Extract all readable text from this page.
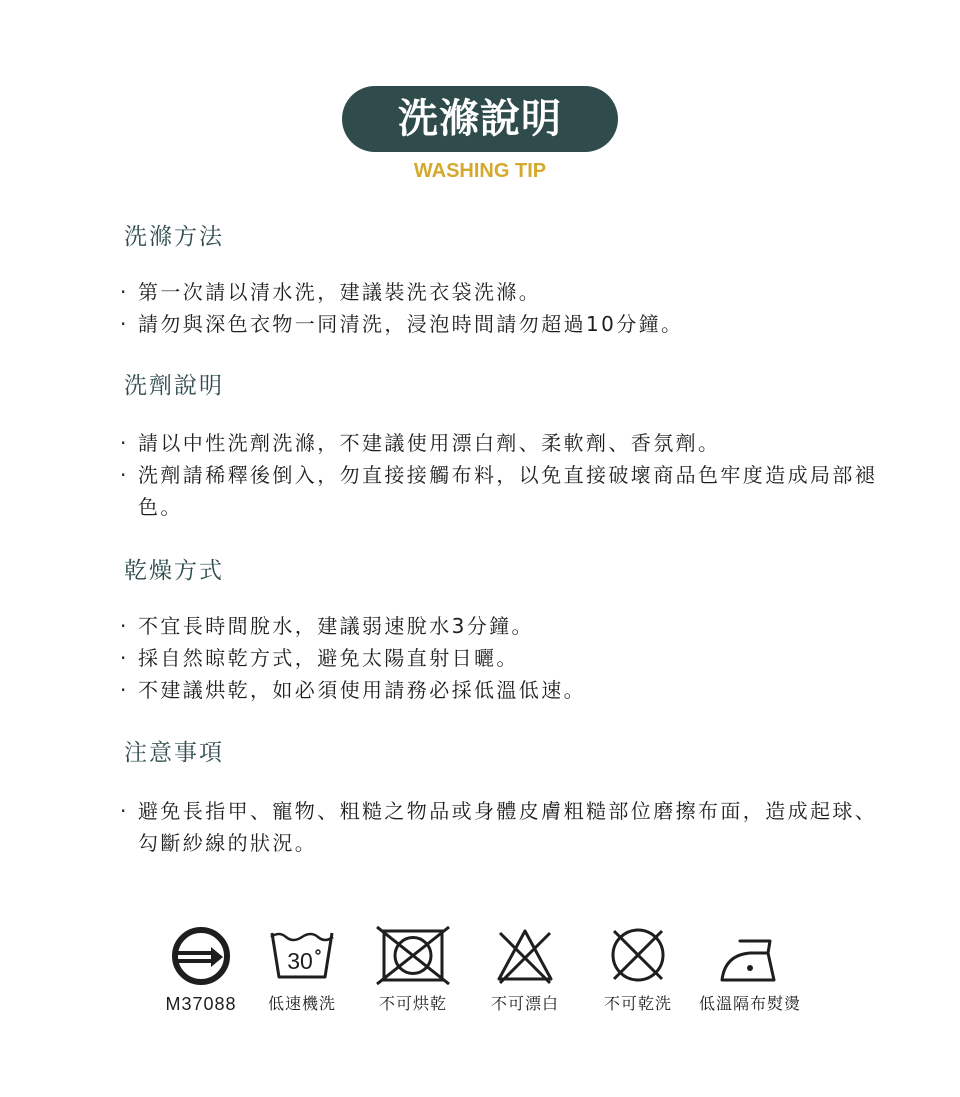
洗滌說明
WASHING TIP
洗滌方法
· 第一次請以清水洗，建議裝洗衣袋洗滌。
· 請勿與深色衣物一同清洗，浸泡時間請勿超過10分鐘。
洗劑說明
· 請以中性洗劑洗滌，不建議使用漂白劑、柔軟劑、香氛劑。
· 洗劑請稀釋後倒入，勿直接接觸布料，以免直接破壞商品色牢度造成局部褪色。
乾燥方式
· 不宜長時間脫水，建議弱速脫水3分鐘。
· 採自然晾乾方式，避免太陽直射日曬。
· 不建議烘乾，如必須使用請務必採低溫低速。
注意事項
· 避免長指甲、寵物、粗糙之物品或身體皮膚粗糙部位磨擦布面，造成起球、勾斷紗線的狀況。
M37088
30
低速機洗	不可烘乾	不可漂白	不可乾洗	低溫隔布熨燙
